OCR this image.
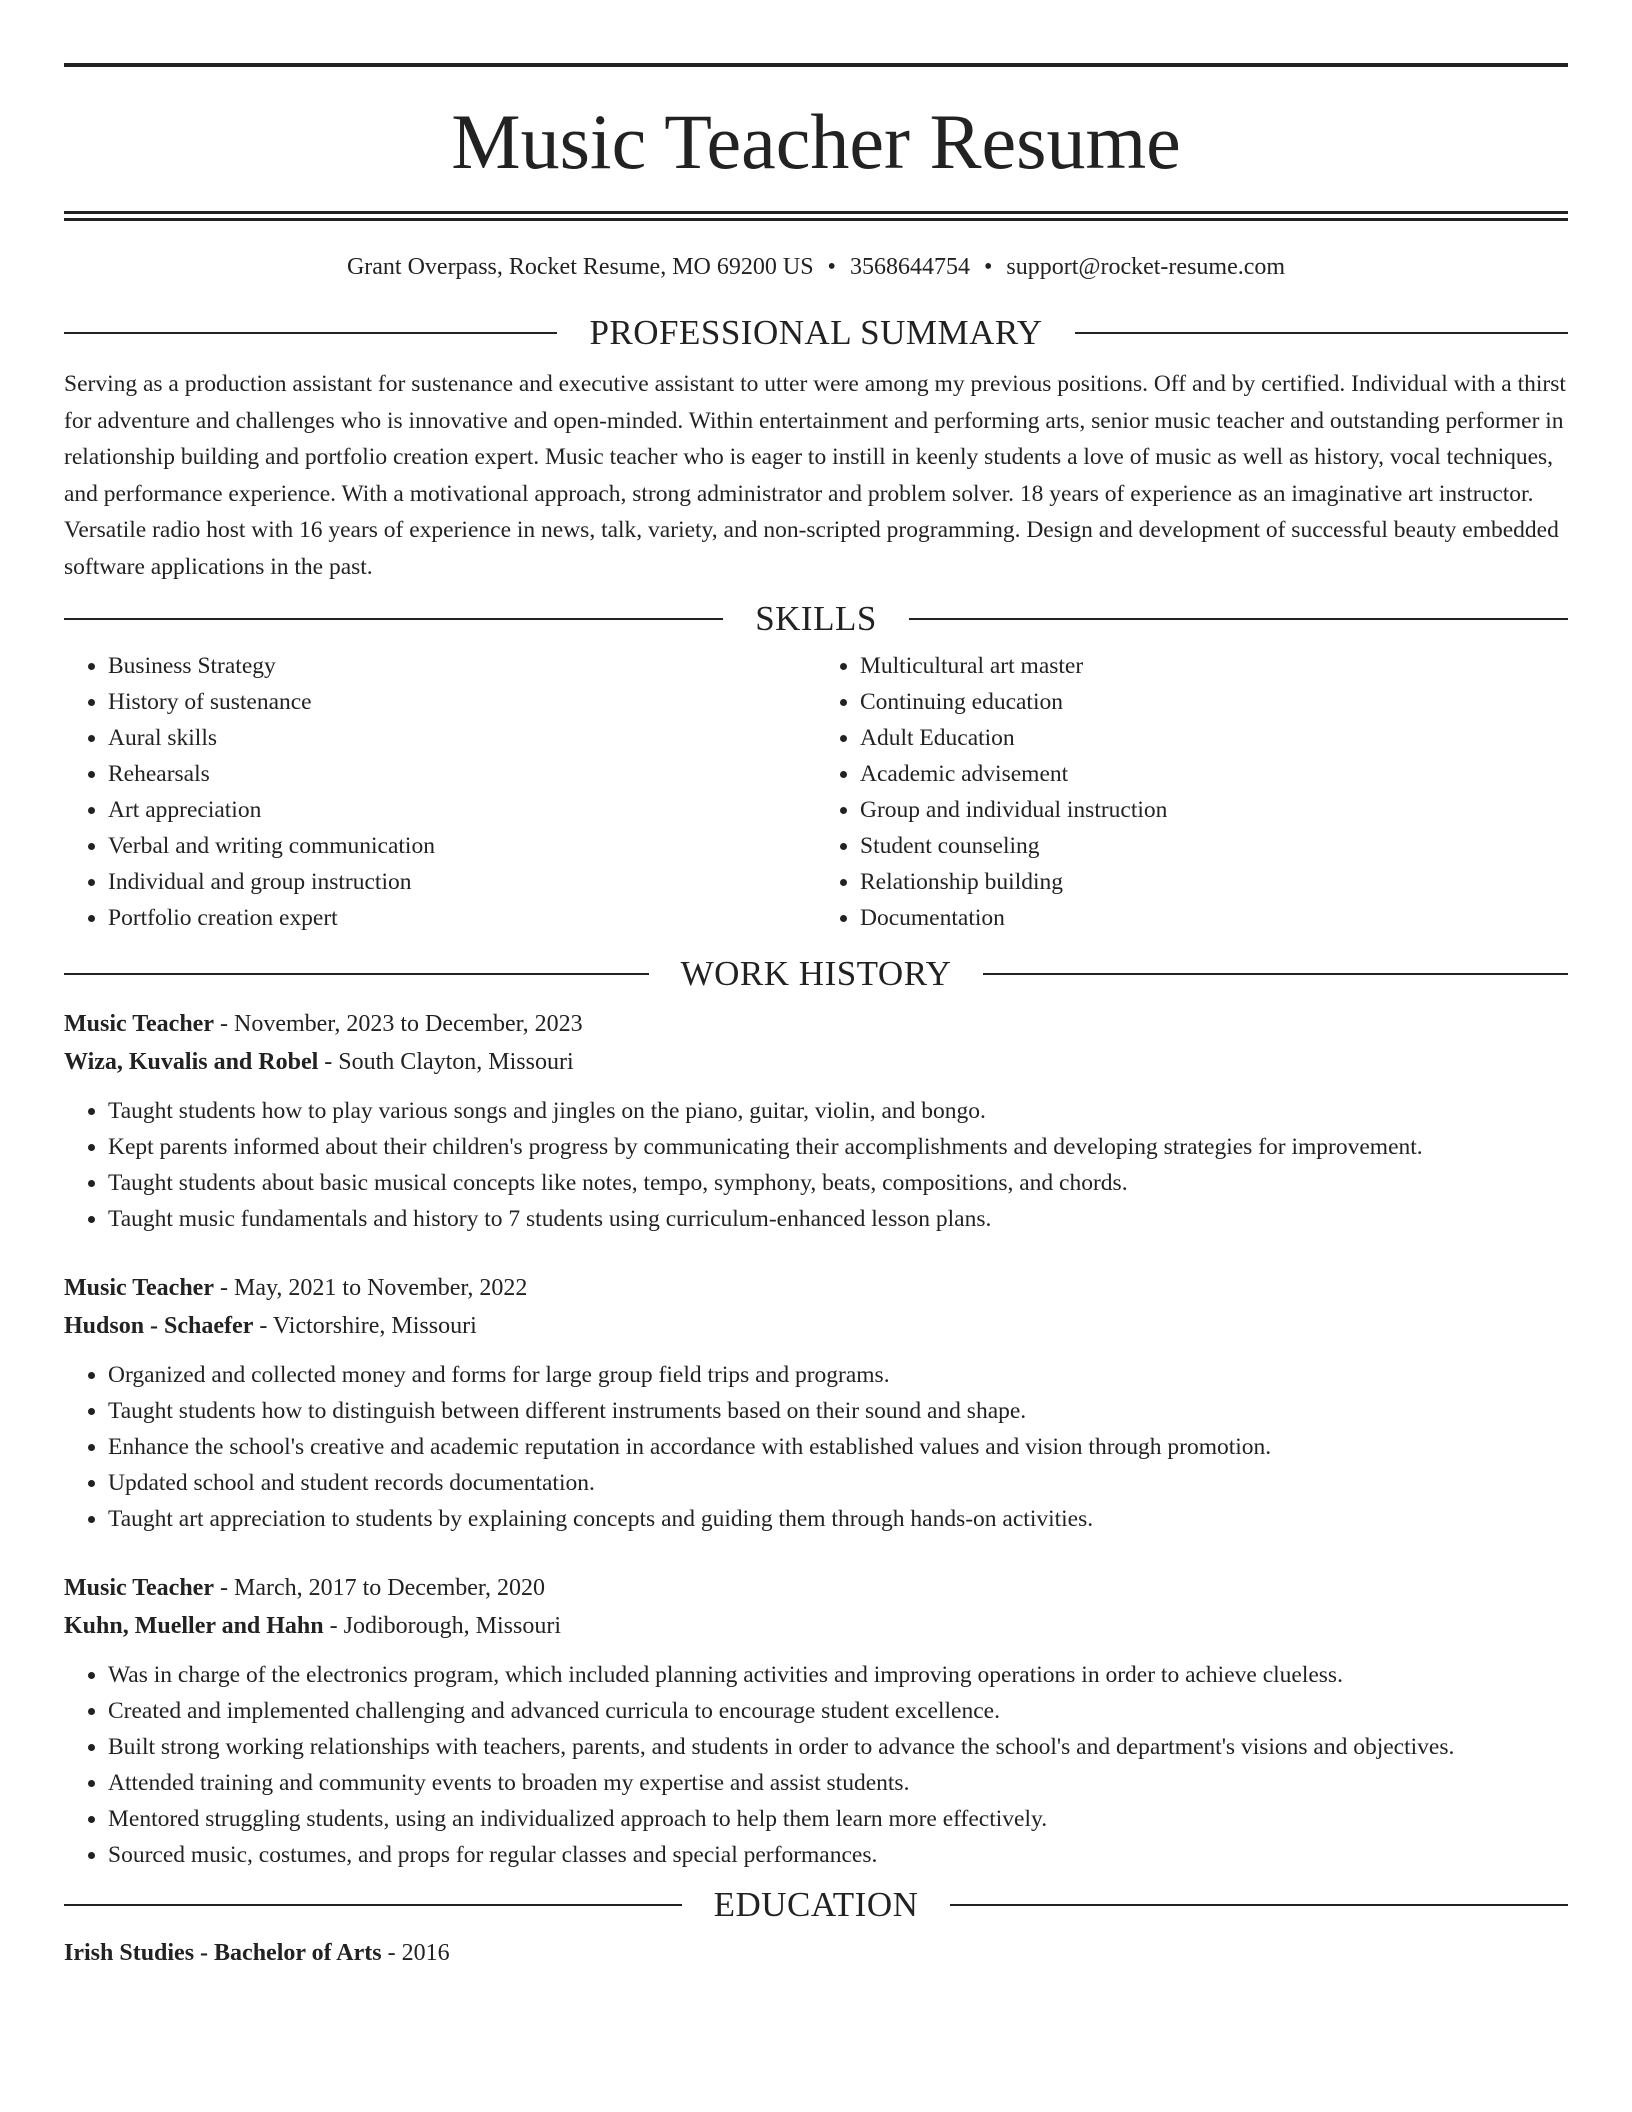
Music Teacher Resume
Grant Overpass, Rocket Resume, MO 69200 US • 3568644754 • support@rocket-resume.com
PROFESSIONAL SUMMARY

Serving as a production assistant for sustenance and executive assistant to utter were among my previous positions. Off and by certified. Individual with a thirst for adventure and challenges who is innovative and open-minded. Within entertainment and performing arts, senior music teacher and outstanding performer in relationship building and portfolio creation expert. Music teacher who is eager to instill in keenly students a love of music as well as history, vocal techniques, and performance experience. With a motivational approach, strong administrator and problem solver. 18 years of experience as an imaginative art instructor. Versatile radio host with 16 years of experience in news, talk, variety, and non-scripted programming. Design and development of successful beauty embedded software applications in the past.

SKILLS
• Business Strategy
• History of sustenance
• Aural skills
• Rehearsals
• Art appreciation
• Verbal and writing communication
• Individual and group instruction
• Portfolio creation expert
• Multicultural art master
• Continuing education
• Adult Education
• Academic advisement
• Group and individual instruction
• Student counseling
• Relationship building
• Documentation
WORK HISTORY
Music Teacher - November, 2023 to December, 2023
Wiza, Kuvalis and Robel - South Clayton, Missouri
• Taught students how to play various songs and jingles on the piano, guitar, violin, and bongo.
• Kept parents informed about their children's progress by communicating their accomplishments and developing strategies for improvement.
• Taught students about basic musical concepts like notes, tempo, symphony, beats, compositions, and chords.
• Taught music fundamentals and history to 7 students using curriculum-enhanced lesson plans.
Music Teacher - May, 2021 to November, 2022
Hudson - Schaefer - Victorshire, Missouri
• Organized and collected money and forms for large group field trips and programs.
• Taught students how to distinguish between different instruments based on their sound and shape.
• Enhance the school's creative and academic reputation in accordance with established values and vision through promotion.
• Updated school and student records documentation.
• Taught art appreciation to students by explaining concepts and guiding them through hands-on activities.
Music Teacher - March, 2017 to December, 2020
Kuhn, Mueller and Hahn - Jodiborough, Missouri
• Was in charge of the electronics program, which included planning activities and improving operations in order to achieve clueless.
• Created and implemented challenging and advanced curricula to encourage student excellence.
• Built strong working relationships with teachers, parents, and students in order to advance the school's and department's visions and objectives.
• Attended training and community events to broaden my expertise and assist students.
• Mentored struggling students, using an individualized approach to help them learn more effectively.
• Sourced music, costumes, and props for regular classes and special performances.
EDUCATION
Irish Studies - Bachelor of Arts - 2016
